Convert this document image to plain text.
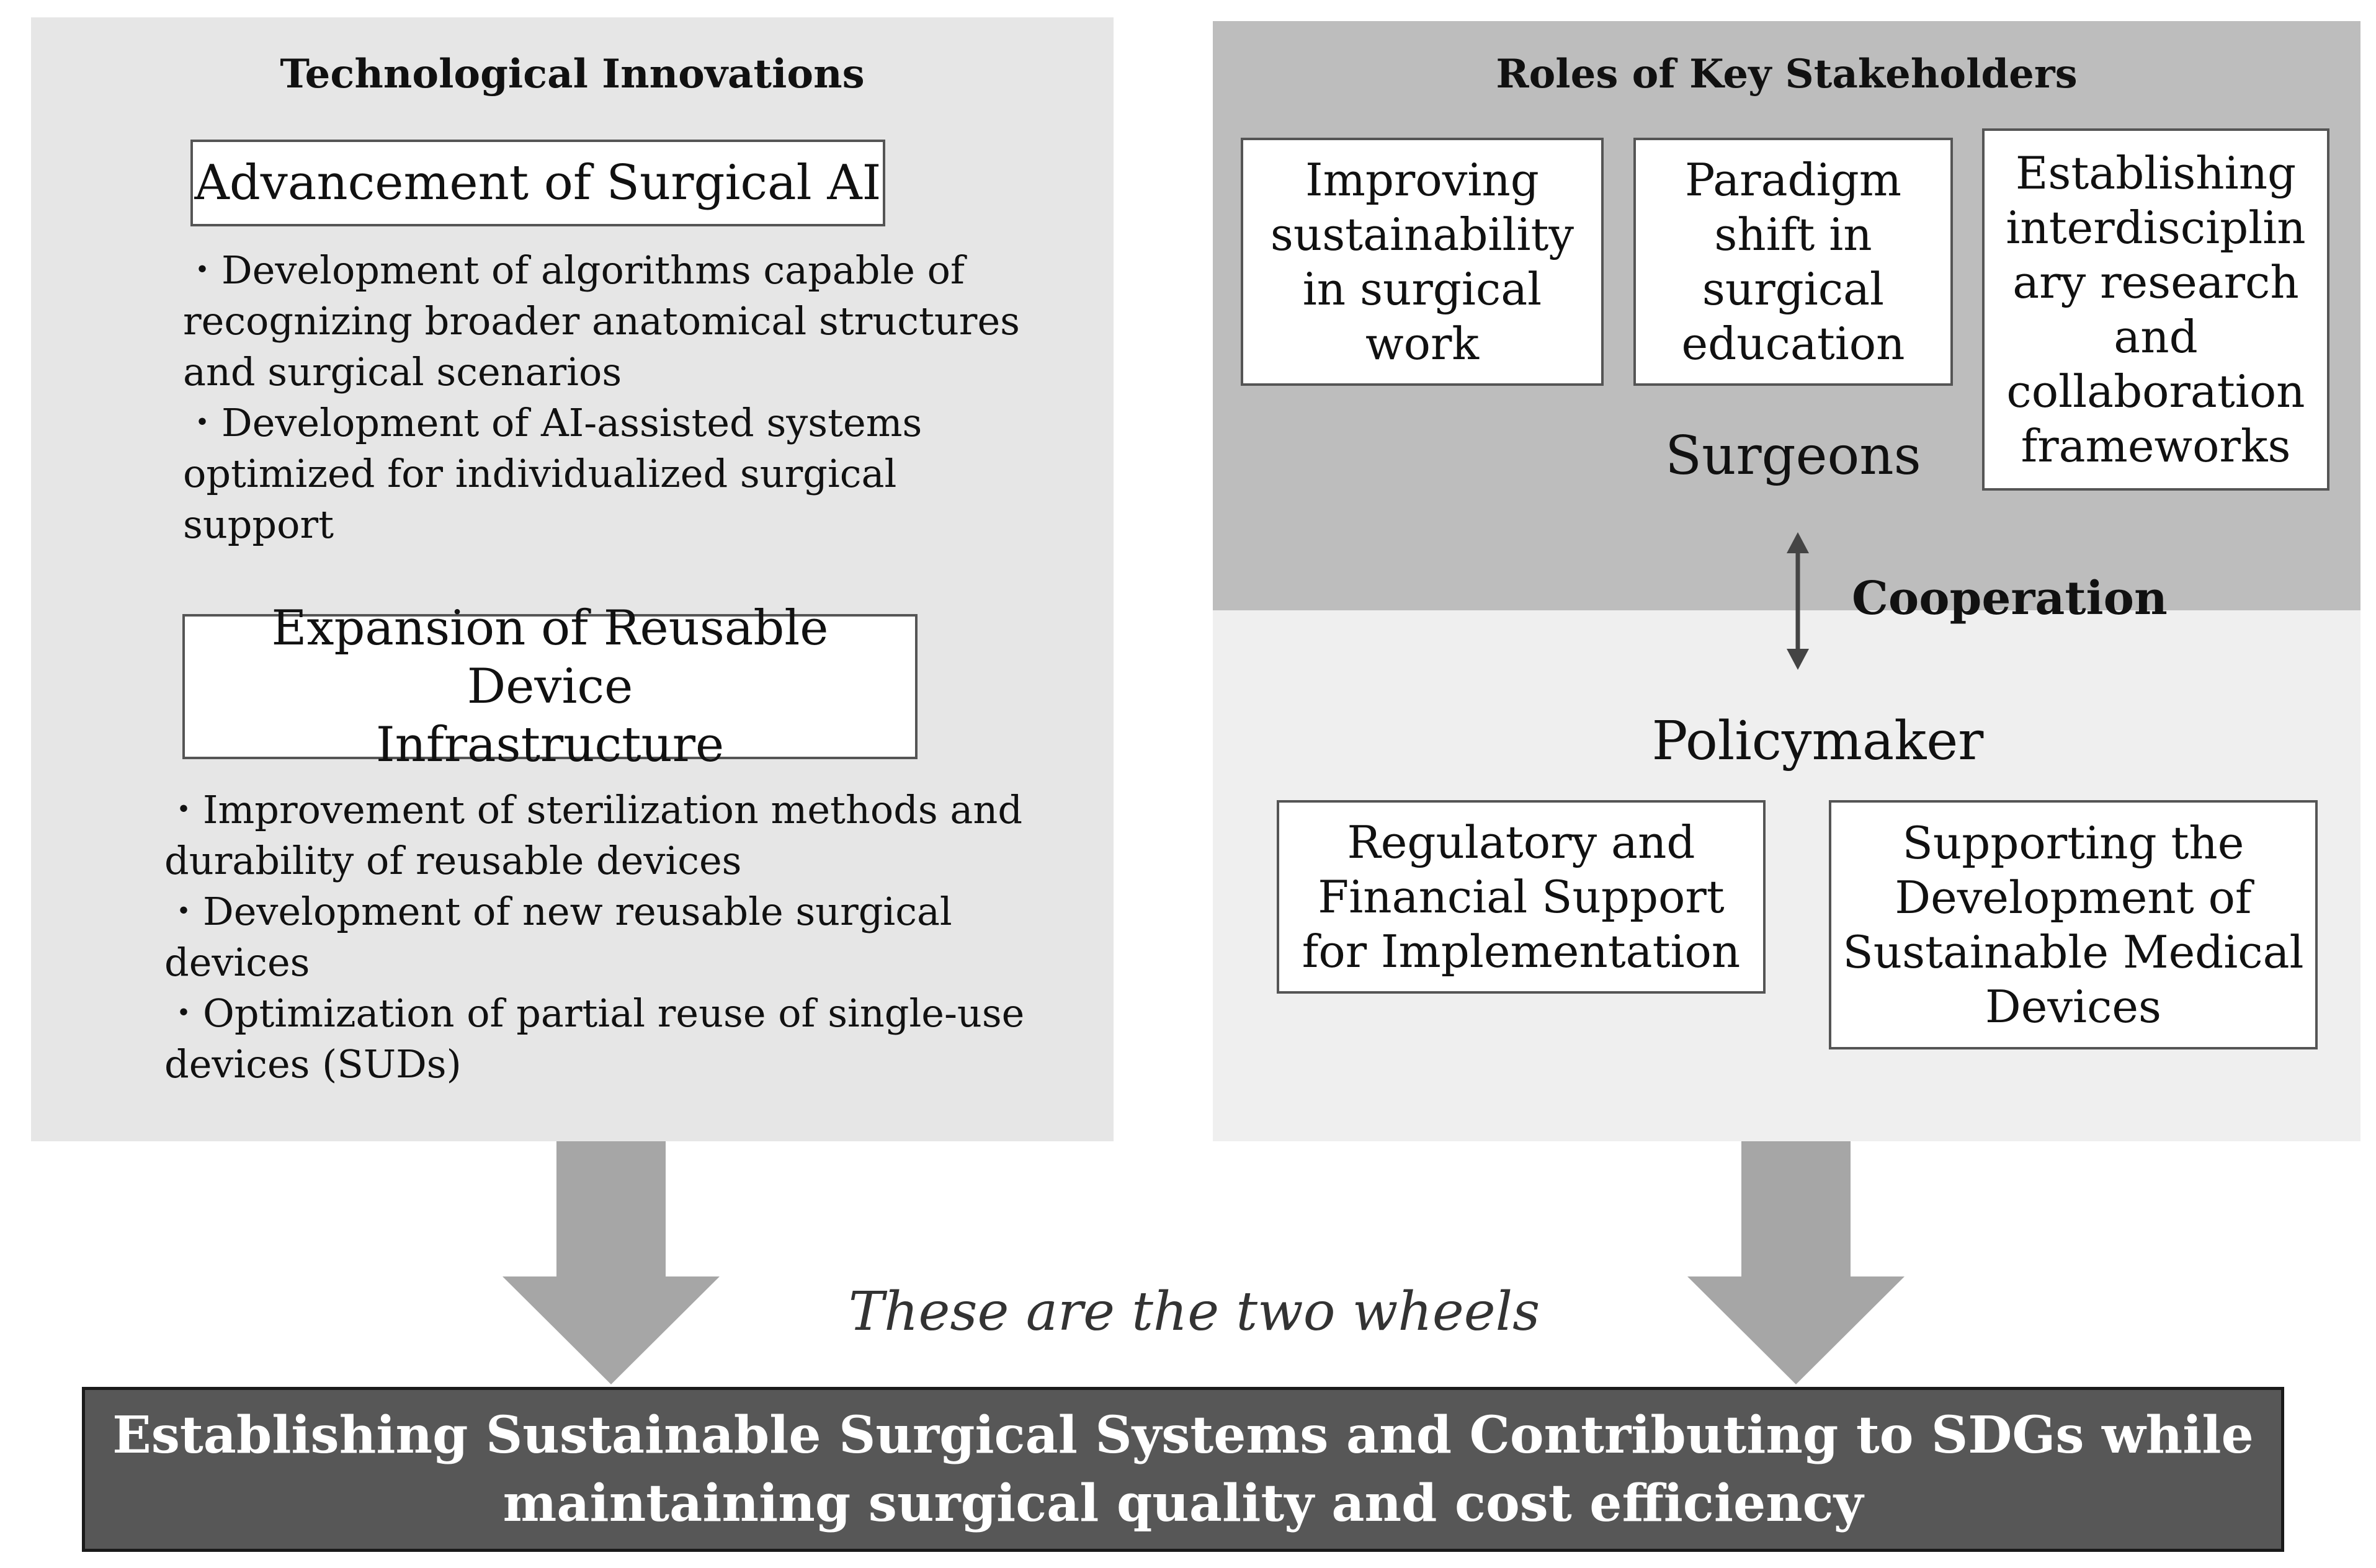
Technological Innovations
Advancement of Surgical AI
・Development of algorithms capable of
recognizing broader anatomical structures
and surgical scenarios
・Development of AI-assisted systems
optimized for individualized surgical
support
Expansion of Reusable Device
Infrastructure
・Improvement of sterilization methods and
durability of reusable devices
・Development of new reusable surgical
devices
・Optimization of partial reuse of single-use
devices (SUDs)
Roles of Key Stakeholders
Improving
sustainability
in surgical
work
Paradigm
shift in
surgical
education
Establishing
interdisciplin
ary research
and
collaboration
frameworks
Surgeons
Cooperation
Policymaker
Regulatory and
Financial Support
for Implementation
Supporting the
Development of
Sustainable Medical
Devices
These are the two wheels
Establishing Sustainable Surgical Systems and Contributing to SDGs while
maintaining surgical quality and cost efficiency
